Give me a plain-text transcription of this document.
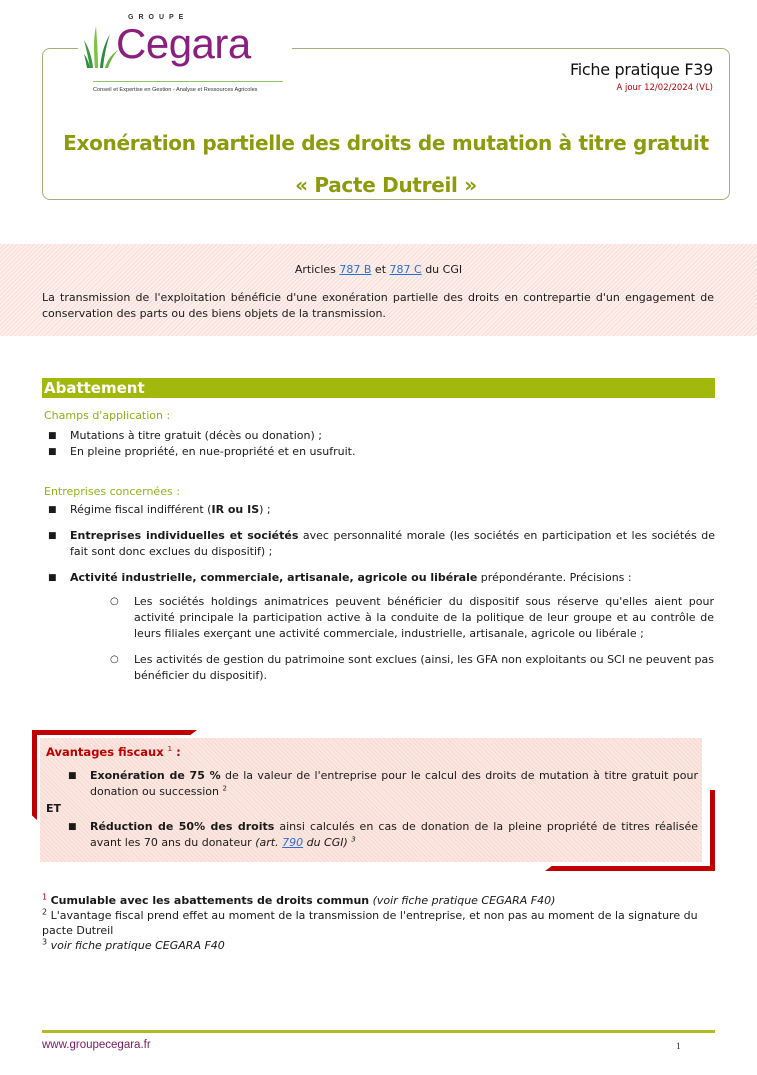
GROUPE
Cegara
Conseil et Expertise en Gestion - Analyse et Ressources Agricoles
Fiche pratique F39
A jour 12/02/2024 (VL)
Exonération partielle des droits de mutation à titre gratuit
« Pacte Dutreil »
Articles 787 B et 787 C du CGI
La transmission de l'exploitation bénéficie d'une exonération partielle des droits en contrepartie d'un engagement de conservation des parts ou des biens objets de la transmission.
Abattement
Champs d'application :
■ Mutations à titre gratuit (décès ou donation) ;
■ En pleine propriété, en nue-propriété et en usufruit.
Entreprises concernées :
■ Régime fiscal indifférent (IR ou IS) ;
■ Entreprises individuelles et sociétés avec personnalité morale (les sociétés en participation et les sociétés de fait sont donc exclues du dispositif) ;
■ Activité industrielle, commerciale, artisanale, agricole ou libérale prépondérante. Précisions :
○ Les sociétés holdings animatrices peuvent bénéficier du dispositif sous réserve qu'elles aient pour activité principale la participation active à la conduite de la politique de leur groupe et au contrôle de leurs filiales exerçant une activité commerciale, industrielle, artisanale, agricole ou libérale ;
○ Les activités de gestion du patrimoine sont exclues (ainsi, les GFA non exploitants ou SCI ne peuvent pas bénéficier du dispositif).
Avantages fiscaux $^1$ :
■ Exonération de 75 % de la valeur de l'entreprise pour le calcul des droits de mutation à titre gratuit pour donation ou succession $^2$
ET
■ Réduction de 50% des droits ainsi calculés en cas de donation de la pleine propriété de titres réalisée avant les 70 ans du donateur (art. 790 du CGI) $^3$
$^1$ Cumulable avec les abattements de droits commun (voir fiche pratique CEGARA F40)
$^2$ L'avantage fiscal prend effet au moment de la transmission de l'entreprise, et non pas au moment de la signature du pacte Dutreil
$^3$ voir fiche pratique CEGARA F40
www.groupecegara.fr	1
